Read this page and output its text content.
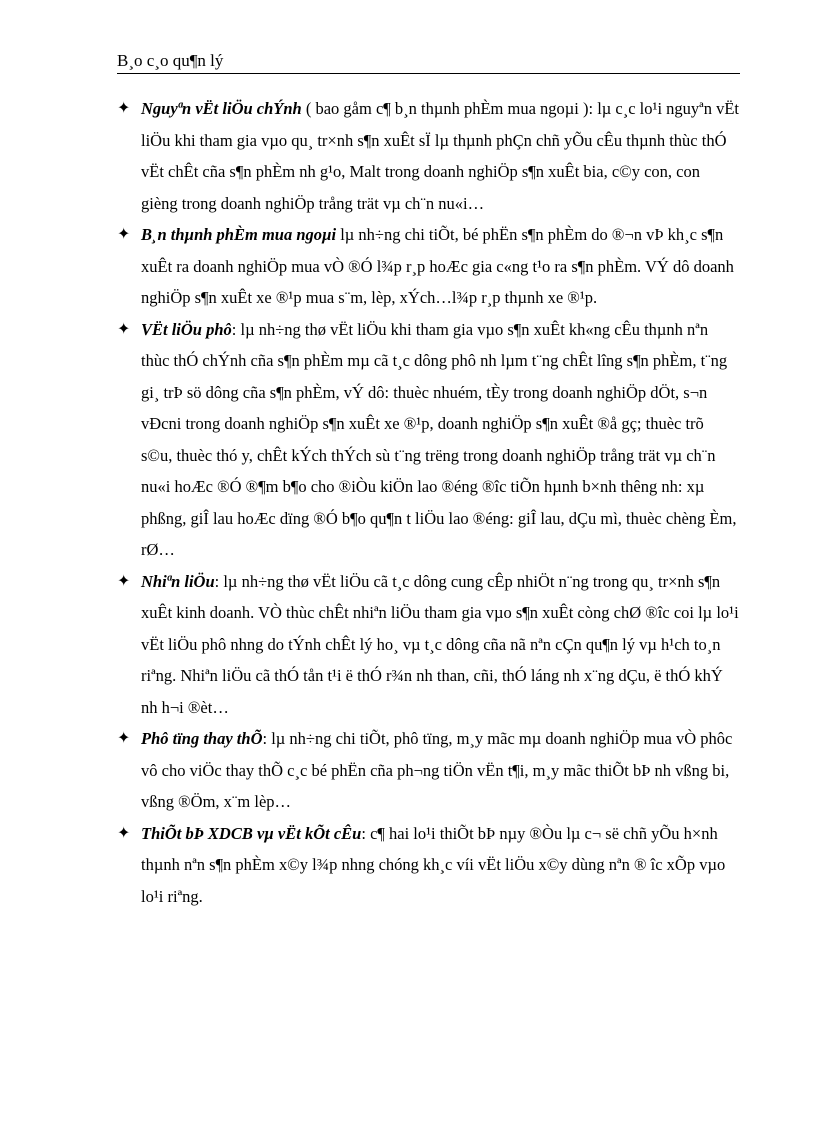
B¸o c¸o qu¶n lý

✦ Nguyªn vËt liÖu chÝnh ( bao gåm c¶ b¸n thµnh phÈm mua ngoµi ): lµ c¸c lo¹i nguyªn vËt liÖu khi tham gia vµo qu¸ tr×nh s¶n xuÊt sÏ lµ thµnh phÇn chñ yÕu cÊu thµnh thùc thÓ vËt chÊt cña s¶n phÈm nh g¹o, Malt trong doanh nghiÖp s¶n xuÊt bia, c©y con, con gièng trong doanh nghiÖp trång trät vµ ch¨n nu«i…

✦ B¸n thµnh phÈm mua ngoµi lµ nh÷ng chi tiÕt, bé phËn s¶n phÈm do ®¬n vÞ kh¸c s¶n xuÊt ra doanh nghiÖp mua vÒ ®Ó l¾p r¸p hoÆc gia c«ng t¹o ra s¶n phÈm. VÝ dô doanh nghiÖp s¶n xuÊt xe ®¹p mua s¨m, lèp, xÝch…l¾p r¸p thµnh xe ®¹p.

✦ VËt liÖu phô: lµ nh÷ng thø vËt liÖu khi tham gia vµo s¶n xuÊt kh«ng cÊu thµnh nªn thùc thÓ chÝnh cña s¶n phÈm mµ cã t¸c dông phô nh lµm t¨ng chÊt lîng s¶n phÈm, t¨ng gi¸ trÞ sö dông cña s¶n phÈm, vÝ dô: thuèc nhuém, tÈy trong doanh nghiÖp dÖt, s¬n vÐcni trong doanh nghiÖp s¶n xuÊt xe ®¹p, doanh nghiÖp s¶n xuÊt ®å gç; thuèc trõ s©u, thuèc thó y, chÊt kÝch thÝch sù t¨ng trëng trong doanh nghiÖp trång trät vµ ch¨n nu«i hoÆc ®Ó ®¶m b¶o cho ®iÒu kiÖn lao ®éng ®îc tiÕn hµnh b×nh thêng nh: xµ phßng, giÎ lau hoÆc dïng ®Ó b¶o qu¶n t liÖu lao ®éng: giÎ lau, dÇu mì, thuèc chèng Èm, rØ…

✦ Nhiªn liÖu: lµ nh÷ng thø vËt liÖu cã t¸c dông cung cÊp nhiÖt n¨ng trong qu¸ tr×nh s¶n xuÊt kinh doanh. VÒ thùc chÊt nhiªn liÖu tham gia vµo s¶n xuÊt còng chØ ®îc coi lµ lo¹i vËt liÖu phô nhng do tÝnh chÊt lý ho¸ vµ t¸c dông cña nã nªn cÇn qu¶n lý vµ h¹ch to¸n riªng. Nhiªn liÖu cã thÓ tån t¹i ë thÓ r¾n nh than, cñi, thÓ láng nh x¨ng dÇu, ë thÓ khÝ nh h¬i ®èt…

✦ Phô tïng thay thÕ: lµ nh÷ng chi tiÕt, phô tïng, m¸y mãc mµ doanh nghiÖp mua vÒ phôc vô cho viÖc thay thÕ c¸c bé phËn cña ph¬ng tiÖn vËn t¶i, m¸y mãc thiÕt bÞ nh vßng bi, vßng ®Öm, x¨m lèp…

✦ ThiÕt bÞ XDCB vµ vËt kÕt cÊu: c¶ hai lo¹i thiÕt bÞ nµy ®Òu lµ c¬ së chñ yÕu h×nh thµnh nªn s¶n phÈm x©y l¾p nhng chóng kh¸c víi vËt liÖu x©y dùng nªn ® îc xÕp vµo lo¹i riªng.
